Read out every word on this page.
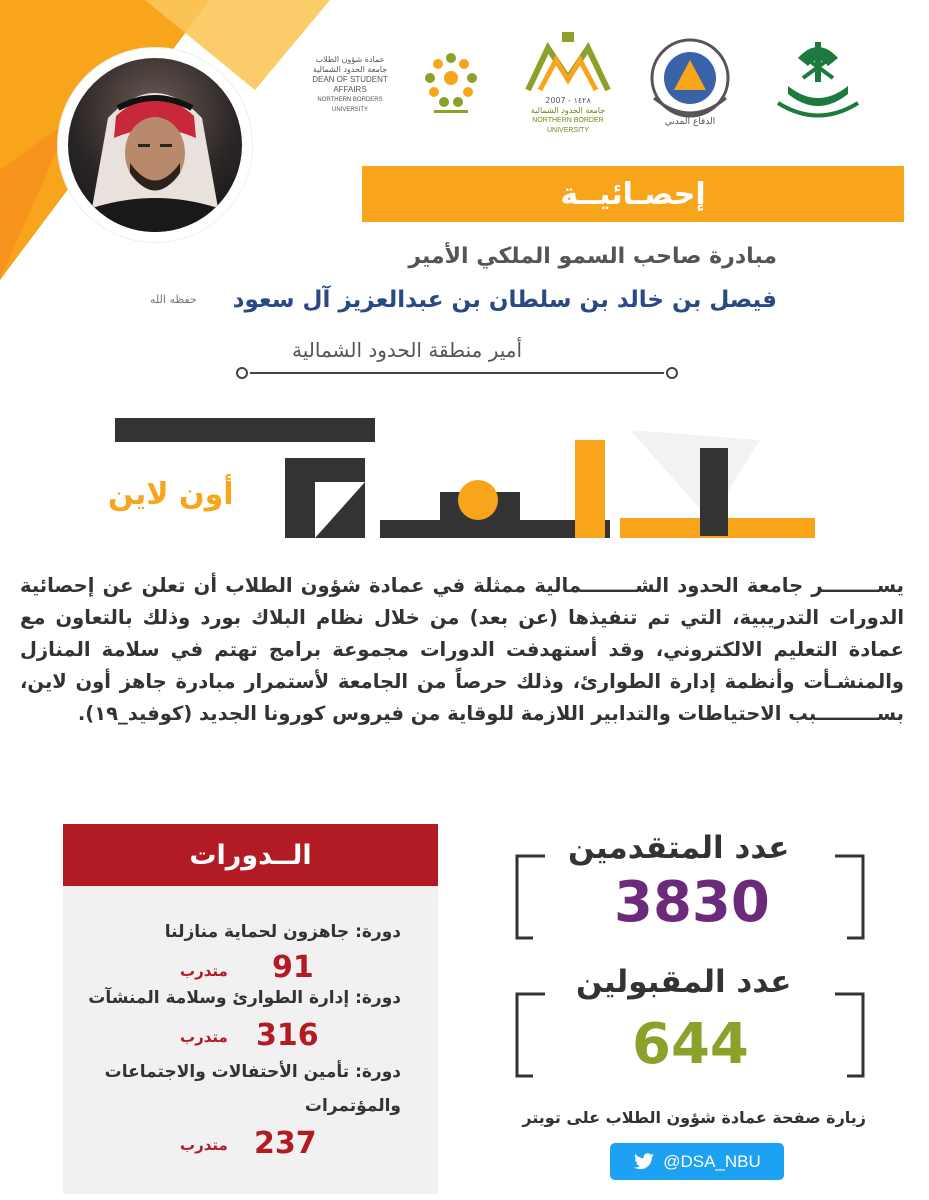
عمادة شؤون الطلاب
جامعة الحدود الشمالية
DEAN OF STUDENT AFFAIRS
NORTHERN BORDERS UNIVERSITY
2007 - ١٤٢٨
جامعة الحدود الشمالية
NORTHERN BORDER UNIVERSITY
الدفاع المدني
إحصـائيــة
مبادرة صاحب السمو الملكي الأمير
فيصل بن خالد بن سلطان بن عبدالعزيز آل سعود
حفظه الله
أمير منطقة الحدود الشمالية
أون لاين
يســــــــر جامعة الحدود الشــــــــمالية ممثلة في عمادة شؤون الطلاب أن تعلن عن إحصائية الدورات التدريبية، التي تم تنفيذها (عن بعد) من خلال نظام البلاك بورد وذلك بالتعاون مع عمادة التعليم الالكتروني، وقد أستهدفت الدورات مجموعة برامج تهتم في سلامة المنازل والمنشـأت وأنظمة إدارة الطوارئ، وذلك حرصاً من الجامعة لأستمرار مبادرة جاهز أون لاين، بســـــــــبب الاحتياطات والتدابير اللازمة للوقاية من فيروس كورونا الجديد (كوفيد_١٩).
الــدورات
دورة: جاهزون لحماية منازلنا
91
متدرب
دورة: إدارة الطوارئ وسلامة المنشآت
316
متدرب
دورة: تأمين الأحتفالات والاجتماعات
والمؤتمرات
237
متدرب
عدد المتقدمين
3830
عدد المقبولين
644
زيارة صفحة عمادة شؤون الطلاب على تويتر
@DSA_NBU
